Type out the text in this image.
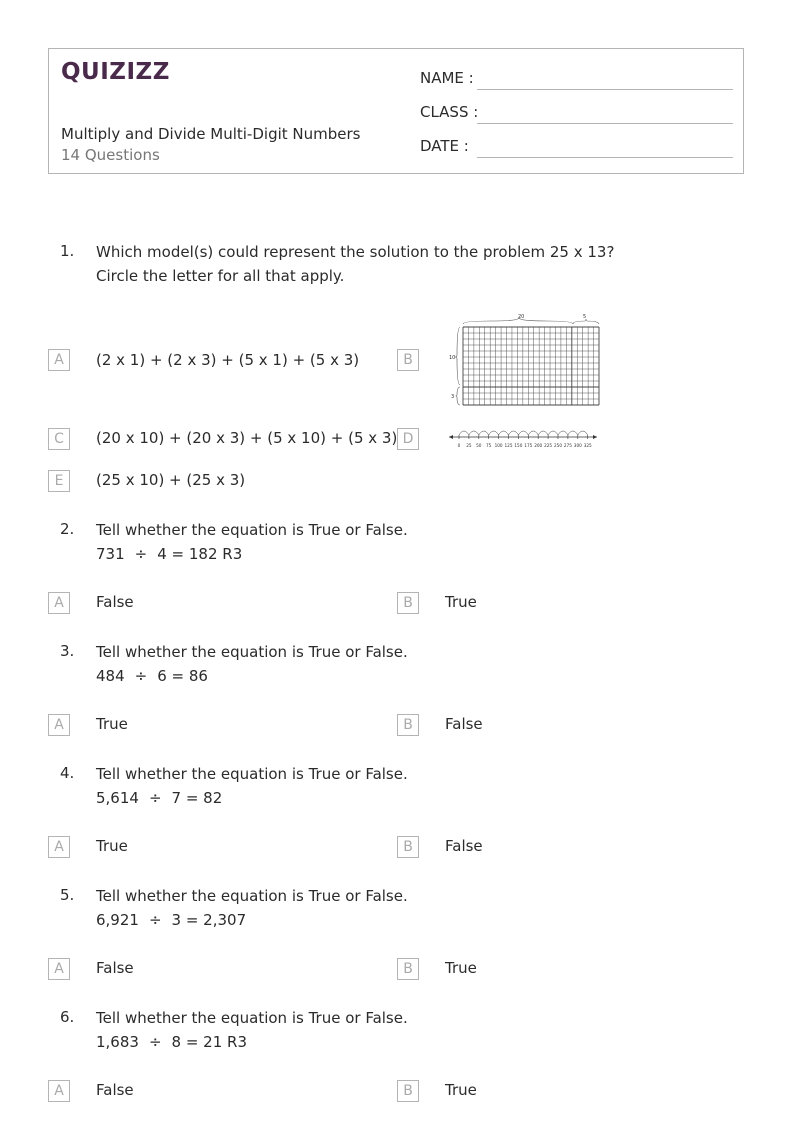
QUIZIZZ
Multiply and Divide Multi-Digit Numbers
14 Questions
NAME :
CLASS :
DATE :
1. Which model(s) could represent the solution to the problem 25 x 13?
Circle the letter for all that apply.
A	(2 x 1) + (2 x 3) + (5 x 1) + (5 x 3)	B
20	5
10
3
C	(20 x 10) + (20 x 3) + (5 x 10) + (5 x 3) D	0 25 50 75 100 125 150 175 200 225 250 275 300 325
E	(25 x 10) + (25 x 3)
2. Tell whether the equation is True or False.
731 ÷ 4 = 182 R3
A	False	B	True
3. Tell whether the equation is True or False.
484 ÷ 6 = 86
A	True	B	False
4. Tell whether the equation is True or False.
5,614 ÷ 7 = 82
A	True	B	False
5. Tell whether the equation is True or False.
6,921 ÷ 3 = 2,307
A	False	B	True
6. Tell whether the equation is True or False.
1,683 ÷ 8 = 21 R3
A	False	B	True
